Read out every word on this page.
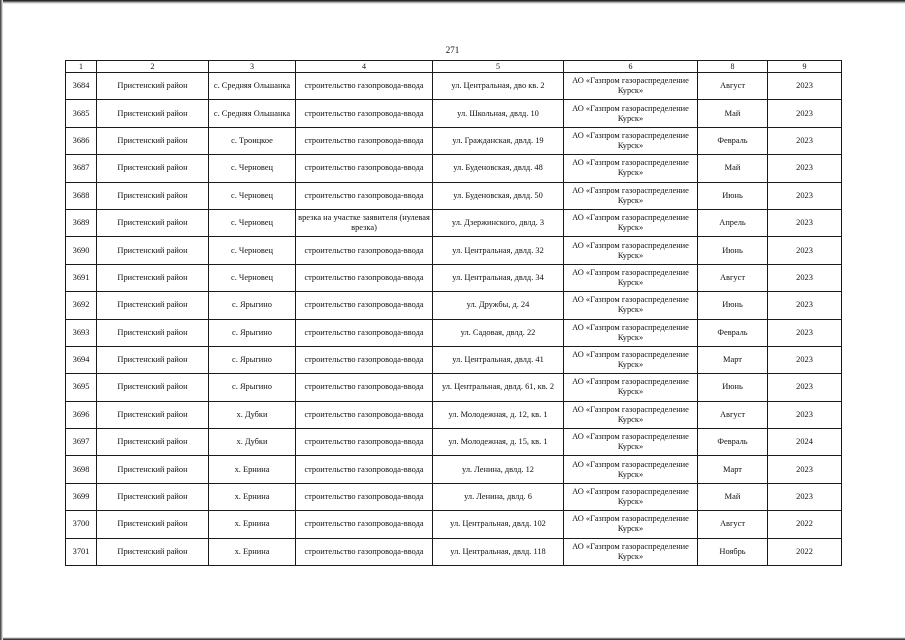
271
1	2	3	4	5	6	8	9
3684	Пристенский район	с. Средняя Ольшанка	строительство газопровода-ввода	ул. Центральная, дво кв. 2	АО «Газпром газораспределение Курск»	Август	2023
3685	Пристенский район	с. Средняя Ольшанка	строительство газопровода-ввода	ул. Школьная, двлд. 10	АО «Газпром газораспределение Курск»	Май	2023
3686	Пристенский район	с. Троицкое	строительство газопровода-ввода	ул. Гражданская, двлд. 19	АО «Газпром газораспределение Курск»	Февраль	2023
3687	Пристенский район	с. Черновец	строительство газопровода-ввода	ул. Буденовская, двлд. 48	АО «Газпром газораспределение Курск»	Май	2023
3688	Пристенский район	с. Черновец	строительство газопровода-ввода	ул. Буденовская, двлд. 50	АО «Газпром газораспределение Курск»	Июнь	2023
3689	Пристенский район	с. Черновец	врезка на участке заявителя (нулевая врезка)	ул. Дзержинского, двлд. 3	АО «Газпром газораспределение Курск»	Апрель	2023
3690	Пристенский район	с. Черновец	строительство газопровода-ввода	ул. Центральная, двлд. 32	АО «Газпром газораспределение Курск»	Июнь	2023
3691	Пристенский район	с. Черновец	строительство газопровода-ввода	ул. Центральная, двлд. 34	АО «Газпром газораспределение Курск»	Август	2023
3692	Пристенский район	с. Ярыгино	строительство газопровода-ввода	ул. Дружбы, д. 24	АО «Газпром газораспределение Курск»	Июнь	2023
3693	Пристенский район	с. Ярыгино	строительство газопровода-ввода	ул. Садовая, двлд. 22	АО «Газпром газораспределение Курск»	Февраль	2023
3694	Пристенский район	с. Ярыгино	строительство газопровода-ввода	ул. Центральная, двлд. 41	АО «Газпром газораспределение Курск»	Март	2023
3695	Пристенский район	с. Ярыгино	строительство газопровода-ввода	ул. Центральная, двлд. 61, кв. 2	АО «Газпром газораспределение Курск»	Июнь	2023
3696	Пристенский район	х. Дубки	строительство газопровода-ввода	ул. Молодежная, д. 12, кв. 1	АО «Газпром газораспределение Курск»	Август	2023
3697	Пристенский район	х. Дубки	строительство газопровода-ввода	ул. Молодежная, д. 15, кв. 1	АО «Газпром газораспределение Курск»	Февраль	2024
3698	Пристенский район	х. Ернина	строительство газопровода-ввода	ул. Ленина, двлд. 12	АО «Газпром газораспределение Курск»	Март	2023
3699	Пристенский район	х. Ернина	строительство газопровода-ввода	ул. Ленина, двлд. 6	АО «Газпром газораспределение Курск»	Май	2023
3700	Пристенский район	х. Ернина	строительство газопровода-ввода	ул. Центральная, двлд. 102	АО «Газпром газораспределение Курск»	Август	2022
3701	Пристенский район	х. Ернина	строительство газопровода-ввода	ул. Центральная, двлд. 118	АО «Газпром газораспределение Курск»	Ноябрь	2022
